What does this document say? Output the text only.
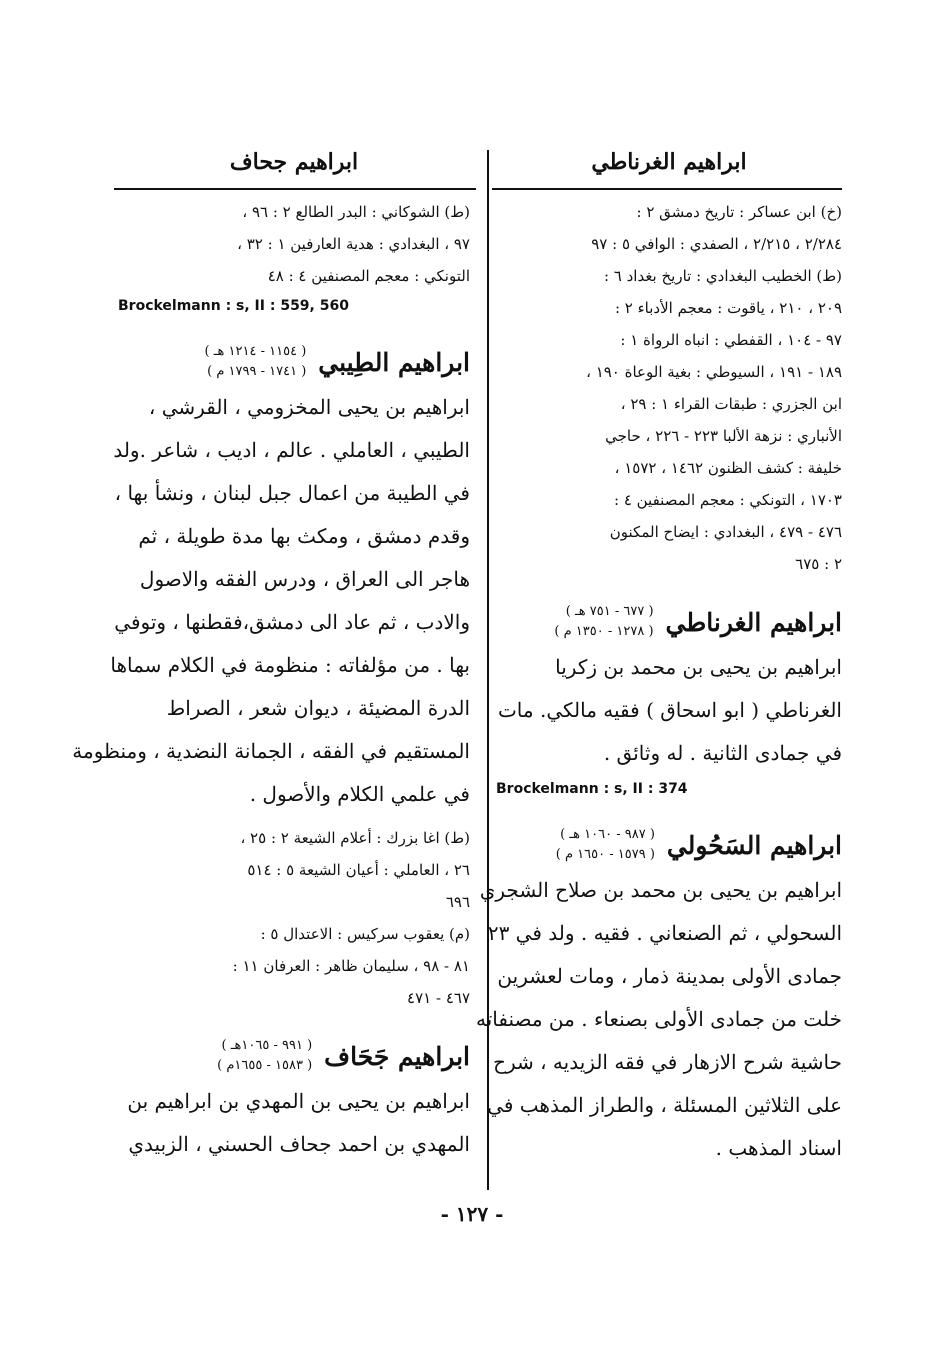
ابراهيم الغرناطي
(خ) ابن عساكر : تاريخ دمشق ٢ :
٢/٢٨٤ ، ٢/٢١٥ ، الصفدي : الوافي ٥ : ٩٧
(ط) الخطيب البغدادي : تاريخ بغداد ٦ :
٢٠٩ ، ٢١٠ ، ياقوت : معجم الأدباء ٢ :
٩٧ - ١٠٤ ، القفطي : انباه الرواة ١ :
١٨٩ - ١٩١ ، السيوطي : بغية الوعاة ١٩٠ ،
ابن الجزري : طبقات القراء ١ : ٢٩ ،
الأنباري : نزهة الألبا ٢٢٣ - ٢٢٦ ، حاجي
خليفة : كشف الظنون ١٤٦٢ ، ١٥٧٢ ،
١٧٠٣ ، التونكي : معجم المصنفين ٤ :
٤٧٦ - ٤٧٩ ، البغدادي : ايضاح المكنون
٢ : ٦٧٥
ابراهيم الغرناطي
( ٦٧٧ - ٧٥١ هـ )
( ١٢٧٨ - ١٣٥٠ م )
ابراهيم بن يحيى بن محمد بن زكريا
الغرناطي ( ابو اسحاق ) فقيه مالكي. مات
في جمادى الثانية . له وثائق .
Brockelmann : s, II : 374
ابراهيم السَحُولي
( ٩٨٧ - ١٠٦٠ هـ )
( ١٥٧٩ - ١٦٥٠ م )
ابراهيم بن يحيى بن محمد بن صلاح الشجري
السحولي ، ثم الصنعاني . فقيه . ولد في ٢٣
جمادى الأولى بمدينة ذمار ، ومات لعشرين
خلت من جمادى الأولى بصنعاء . من مصنفاته
حاشية شرح الازهار في فقه الزيديه ، شرح
على الثلاثين المسئلة ، والطراز المذهب في
اسناد المذهب .
ابراهيم جحاف
(ط) الشوكاني : البدر الطالع ٢ : ٩٦ ،
٩٧ ، البغدادي : هدية العارفين ١ : ٣٢ ،
التونكي : معجم المصنفين ٤ : ٤٨
Brockelmann : s, II : 559, 560
ابراهيم الطِيبي
( ١١٥٤ - ١٢١٤ هـ )
( ١٧٤١ - ١٧٩٩ م )
ابراهيم بن يحيى المخزومي ، القرشي ،
الطيبي ، العاملي . عالم ، اديب ، شاعر .ولد
في الطيبة من اعمال جبل لبنان ، ونشأ بها ،
وقدم دمشق ، ومكث بها مدة طويلة ، ثم
هاجر الى العراق ، ودرس الفقه والاصول
والادب ، ثم عاد الى دمشق،فقطنها ، وتوفي
بها . من مؤلفاته : منظومة في الكلام سماها
الدرة المضيئة ، ديوان شعر ، الصراط
المستقيم في الفقه ، الجمانة النضدية ، ومنظومة
في علمي الكلام والأصول .
(ط) اغا بزرك : أعلام الشيعة ٢ : ٢٥ ،
٢٦ ، العاملي : أعيان الشيعة ٥ : ٥١٤
٦٩٦
(م) يعقوب سركيس : الاعتدال ٥ :
٨١ - ٩٨ ، سليمان ظاهر : العرفان ١١ :
٤٦٧ - ٤٧١
ابراهيم جَحَاف
( ٩٩١ - ١٠٦٥هـ )
( ١٥٨٣ - ١٦٥٥م )
ابراهيم بن يحيى بن المهدي بن ابراهيم بن
المهدي بن احمد جحاف الحسني ، الزبيدي
- ١٢٧ -
